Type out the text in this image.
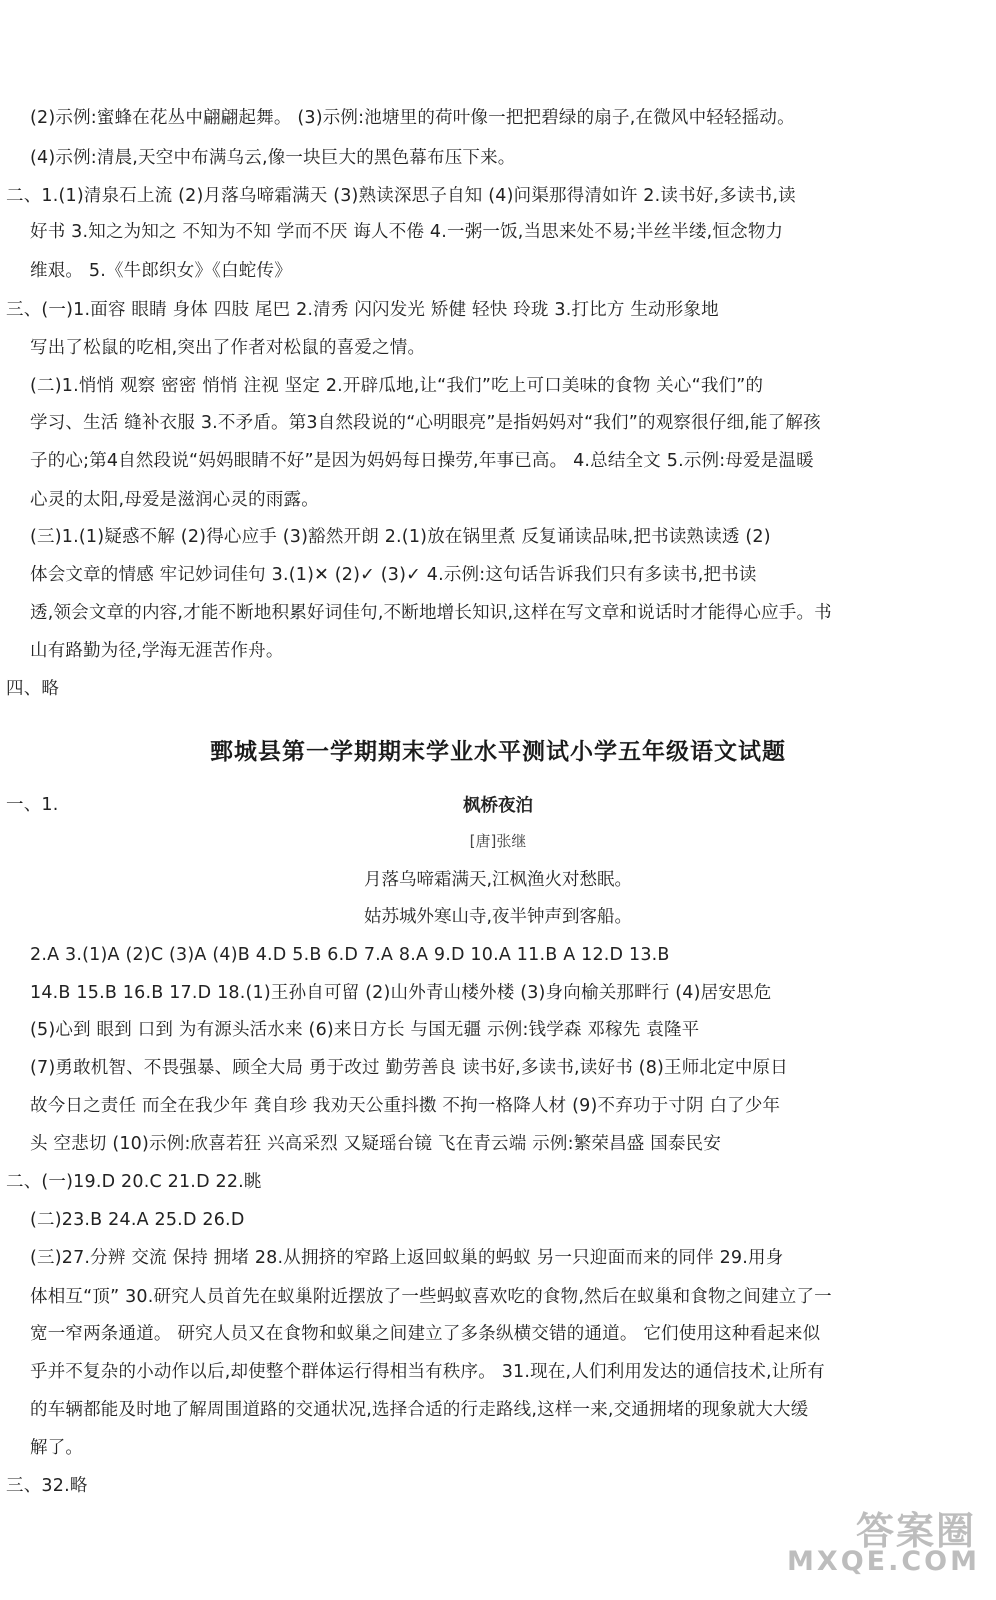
(2)示例:蜜蜂在花丛中翩翩起舞。 (3)示例:池塘里的荷叶像一把把碧绿的扇子,在微风中轻轻摇动。
(4)示例:清晨,天空中布满乌云,像一块巨大的黑色幕布压下来。
二、1.(1)清泉石上流 (2)月落乌啼霜满天 (3)熟读深思子自知 (4)问渠那得清如许 2.读书好,多读书,读
好书 3.知之为知之 不知为不知 学而不厌 诲人不倦 4.一粥一饭,当思来处不易;半丝半缕,恒念物力
维艰。 5.《牛郎织女》《白蛇传》
三、(一)1.面容 眼睛 身体 四肢 尾巴 2.清秀 闪闪发光 矫健 轻快 玲珑 3.打比方 生动形象地
写出了松鼠的吃相,突出了作者对松鼠的喜爱之情。
(二)1.悄悄 观察 密密 悄悄 注视 坚定 2.开辟瓜地,让“我们”吃上可口美味的食物 关心“我们”的
学习、生活 缝补衣服 3.不矛盾。第3自然段说的“心明眼亮”是指妈妈对“我们”的观察很仔细,能了解孩
子的心;第4自然段说“妈妈眼睛不好”是因为妈妈每日操劳,年事已高。 4.总结全文 5.示例:母爱是温暖
心灵的太阳,母爱是滋润心灵的雨露。
(三)1.(1)疑惑不解 (2)得心应手 (3)豁然开朗 2.(1)放在锅里煮 反复诵读品味,把书读熟读透 (2)
体会文章的情感 牢记妙词佳句 3.(1)✕ (2)✓ (3)✓ 4.示例:这句话告诉我们只有多读书,把书读
透,领会文章的内容,才能不断地积累好词佳句,不断地增长知识,这样在写文章和说话时才能得心应手。书
山有路勤为径,学海无涯苦作舟。
四、略
鄄城县第一学期期末学业水平测试小学五年级语文试题
一、1.	枫桥夜泊
[唐]张继
月落乌啼霜满天,江枫渔火对愁眠。
姑苏城外寒山寺,夜半钟声到客船。
2.A 3.(1)A (2)C (3)A (4)B 4.D 5.B 6.D 7.A 8.A 9.D 10.A 11.B A 12.D 13.B
14.B 15.B 16.B 17.D 18.(1)王孙自可留 (2)山外青山楼外楼 (3)身向榆关那畔行 (4)居安思危
(5)心到 眼到 口到 为有源头活水来 (6)来日方长 与国无疆 示例:钱学森 邓稼先 袁隆平
(7)勇敢机智、不畏强暴、顾全大局 勇于改过 勤劳善良 读书好,多读书,读好书 (8)王师北定中原日
故今日之责任 而全在我少年 龚自珍 我劝天公重抖擞 不拘一格降人材 (9)不弃功于寸阴 白了少年
头 空悲切 (10)示例:欣喜若狂 兴高采烈 又疑瑶台镜 飞在青云端 示例:繁荣昌盛 国泰民安
二、(一)19.D 20.C 21.D 22.眺
(二)23.B 24.A 25.D 26.D
(三)27.分辨 交流 保持 拥堵 28.从拥挤的窄路上返回蚁巢的蚂蚁 另一只迎面而来的同伴 29.用身
体相互“顶” 30.研究人员首先在蚁巢附近摆放了一些蚂蚁喜欢吃的食物,然后在蚁巢和食物之间建立了一
宽一窄两条通道。 研究人员又在食物和蚁巢之间建立了多条纵横交错的通道。 它们使用这种看起来似
乎并不复杂的小动作以后,却使整个群体运行得相当有秩序。 31.现在,人们利用发达的通信技术,让所有
的车辆都能及时地了解周围道路的交通状况,选择合适的行走路线,这样一来,交通拥堵的现象就大大缓
解了。
三、32.略
答案圈
MXQE.COM
